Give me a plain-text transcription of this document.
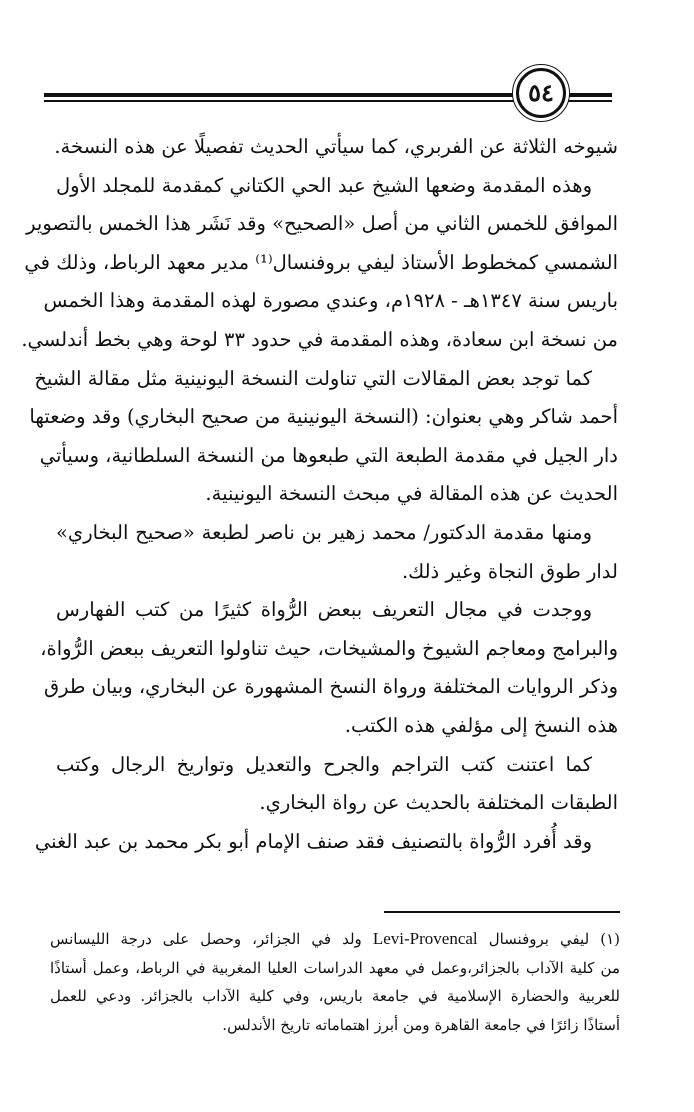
٥٤
شيوخه الثلاثة عن الفربري، كما سيأتي الحديث تفصيلًا عن هذه النسخة.
وهذه المقدمة وضعها الشيخ عبد الحي الكتاني كمقدمة للمجلد الأول
الموافق للخمس الثاني من أصل «الصحيح» وقد نَشَر هذا الخمس بالتصوير
الشمسي كمخطوط الأستاذ ليفي بروفنسال⁽¹⁾ مدير معهد الرباط، وذلك في
باريس سنة ١٣٤٧هـ - ١٩٢٨م، وعندي مصورة لهذه المقدمة وهذا الخمس
من نسخة ابن سعادة، وهذه المقدمة في حدود ٣٣ لوحة وهي بخط أندلسي.
كما توجد بعض المقالات التي تناولت النسخة اليونينية مثل مقالة الشيخ
أحمد شاكر وهي بعنوان: (النسخة اليونينية من صحيح البخاري) وقد وضعتها
دار الجيل في مقدمة الطبعة التي طبعوها من النسخة السلطانية، وسيأتي
الحديث عن هذه المقالة في مبحث النسخة اليونينية.
ومنها مقدمة الدكتور/ محمد زهير بن ناصر لطبعة «صحيح البخاري»
لدار طوق النجاة وغير ذلك.
ووجدت في مجال التعريف ببعض الرُّواة كثيرًا من كتب الفهارس
والبرامج ومعاجم الشيوخ والمشيخات، حيث تناولوا التعريف ببعض الرُّواة،
وذكر الروايات المختلفة ورواة النسخ المشهورة عن البخاري، وبيان طرق
هذه النسخ إلى مؤلفي هذه الكتب.
كما اعتنت كتب التراجم والجرح والتعديل وتواريخ الرجال وكتب
الطبقات المختلفة بالحديث عن رواة البخاري.
وقد أُفرد الرُّواة بالتصنيف فقد صنف الإمام أبو بكر محمد بن عبد الغني
(١) ليفي بروفنسال Levi-Provencal ولد في الجزائر، وحصل على درجة الليسانس
من كلية الآداب بالجزائر،وعمل في معهد الدراسات العليا المغربية في الرباط، وعمل أستاذًا
للعربية والحضارة الإسلامية في جامعة باريس، وفي كلية الآداب بالجزائر. ودعي للعمل
أستاذًا زائرًا في جامعة القاهرة ومن أبرز اهتماماته تاريخ الأندلس.
